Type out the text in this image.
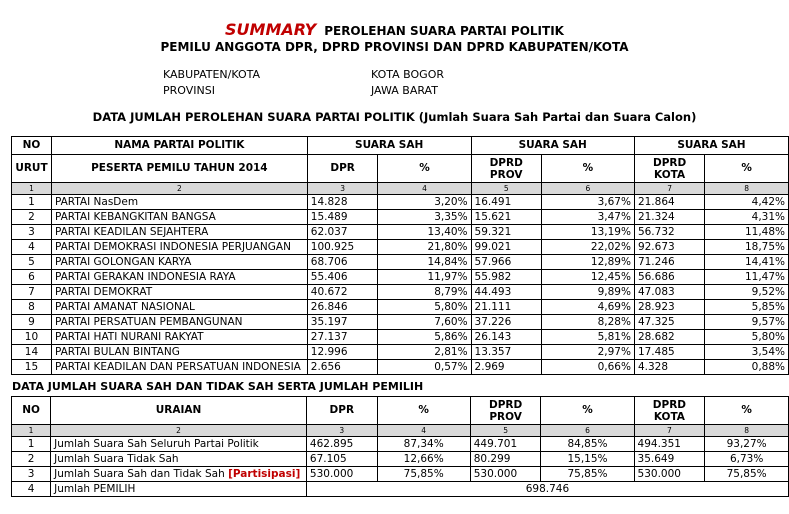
SUMMARY PEROLEHAN SUARA PARTAI POLITIK
PEMILU ANGGOTA DPR, DPRD PROVINSI DAN DPRD KABUPATEN/KOTA
KABUPATEN/KOTA	KOTA BOGOR
PROVINSI	JAWA BARAT
DATA JUMLAH PEROLEHAN SUARA PARTAI POLITIK (Jumlah Suara Sah Partai dan Suara Calon)
NO	NAMA PARTAI POLITIK	SUARA SAH		SUARA SAH		SUARA SAH	
URUT	PESERTA PEMILU TAHUN 2014	DPR	%	DPRD PROV	%	DPRD KOTA	%
1	2	3	4	5	6	7	8
1	PARTAI NasDem	14.828	3,20%	16.491	3,67%	21.864	4,42%
2	PARTAI KEBANGKITAN BANGSA	15.489	3,35%	15.621	3,47%	21.324	4,31%
3	PARTAI KEADILAN SEJAHTERA	62.037	13,40%	59.321	13,19%	56.732	11,48%
4	PARTAI DEMOKRASI INDONESIA PERJUANGAN	100.925	21,80%	99.021	22,02%	92.673	18,75%
5	PARTAI GOLONGAN KARYA	68.706	14,84%	57.966	12,89%	71.246	14,41%
6	PARTAI GERAKAN INDONESIA RAYA	55.406	11,97%	55.982	12,45%	56.686	11,47%
7	PARTAI DEMOKRAT	40.672	8,79%	44.493	9,89%	47.083	9,52%
8	PARTAI AMANAT NASIONAL	26.846	5,80%	21.111	4,69%	28.923	5,85%
9	PARTAI PERSATUAN PEMBANGUNAN	35.197	7,60%	37.226	8,28%	47.325	9,57%
10	PARTAI HATI NURANI RAKYAT	27.137	5,86%	26.143	5,81%	28.682	5,80%
14	PARTAI BULAN BINTANG	12.996	2,81%	13.357	2,97%	17.485	3,54%
15	PARTAI KEADILAN DAN PERSATUAN INDONESIA	2.656	0,57%	2.969	0,66%	4.328	0,88%
DATA JUMLAH SUARA SAH DAN TIDAK SAH SERTA JUMLAH PEMILIH
NO	URAIAN	DPR	%	DPRD PROV	%	DPRD KOTA	%
1	2	3	4	5	6	7	8
1	Jumlah Suara Sah Seluruh Partai Politik	462.895	87,34%	449.701	84,85%	494.351	93,27%
2	Jumlah Suara Tidak Sah	67.105	12,66%	80.299	15,15%	35.649	6,73%
3	Jumlah Suara Sah dan Tidak Sah [Partisipasi]	530.000	75,85%	530.000	75,85%	530.000	75,85%
4	Jumlah PEMILIH	698.746					
